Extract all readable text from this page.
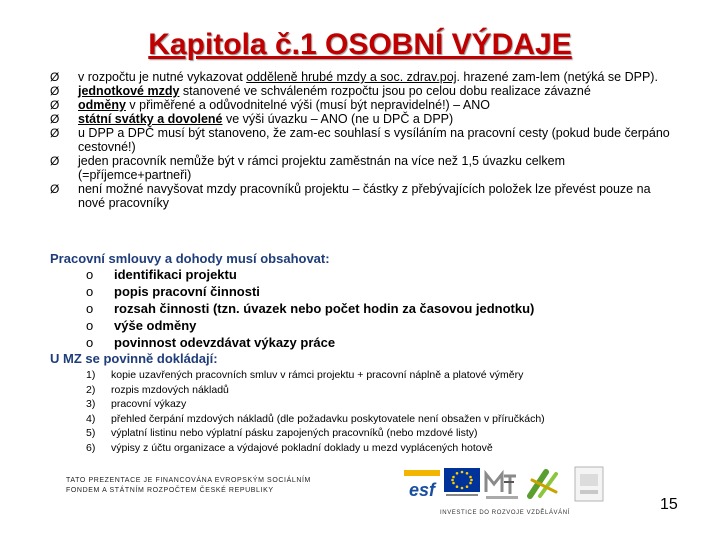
Kapitola č.1 OSOBNÍ VÝDAJE
Ø v rozpočtu je nutné vykazovat odděleně hrubé mzdy a soc. zdrav.poj. hrazené zam-lem (netýká se DPP).
Ø jednotkové mzdy stanovené ve schváleném rozpočtu jsou po celou dobu realizace závazné
Ø odměny v přiměřené a odůvodnitelné výši (musí být nepravidelné!) – ANO
Ø státní svátky a dovolené ve výši úvazku – ANO (ne u DPČ a DPP)
Ø u DPP a DPČ musí být stanoveno, že zam-ec souhlasí s vysíláním na pracovní cesty (pokud bude čerpáno cestovné!)
Ø jeden pracovník nemůže být v rámci projektu zaměstnán na více než 1,5 úvazku celkem (=příjemce+partneři)
Ø není možné navyšovat mzdy pracovníků projektu – částky z přebývajících položek lze převést pouze na nové pracovníky
Pracovní smlouvy a dohody musí obsahovat:
o identifikaci projektu
o popis pracovní činnosti
o rozsah činnosti (tzn. úvazek nebo počet hodin za časovou jednotku)
o výše odměny
o povinnost odevzdávat výkazy práce
U MZ se povinně dokládají:
1) kopie uzavřených pracovních smluv v rámci projektu + pracovní náplně a platové výměry
2) rozpis mzdových nákladů
3) pracovní výkazy
4) přehled čerpání mzdových nákladů (dle požadavku poskytovatele není obsažen v příručkách)
5) výplatní listinu nebo výplatní pásku zapojených pracovníků (nebo mzdové listy)
6) výpisy z účtu organizace a výdajové pokladní doklady u mezd vyplácených hotově
TATO PREZENTACE JE FINANCOVÁNA EVROPSKÝM SOCIÁLNÍM
FONDEM A STÁTNÍM ROZPOČTEM ČESKÉ REPUBLIKY	esf
INVESTICE DO ROZVOJE VZDĚLÁVÁNÍ	15
